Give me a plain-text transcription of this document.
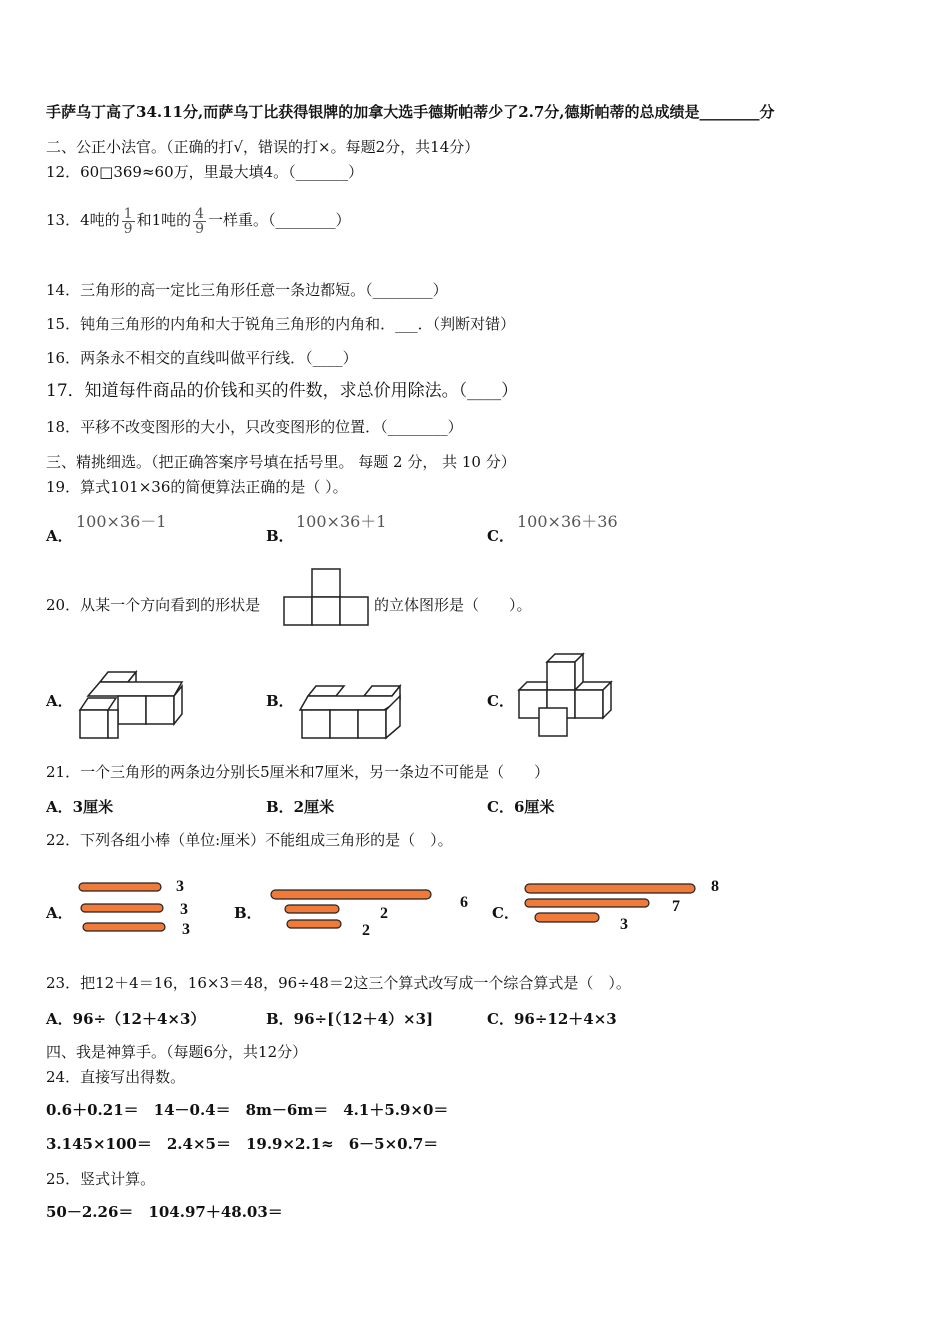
手萨乌丁高了34.11分,而萨乌丁比获得银牌的加拿大选手德斯帕蒂少了2.7分,德斯帕蒂的总成绩是________分
二、公正小法官。（正确的打√，错误的打×。每题2分，共14分）
12．60□369≈60万，里最大填4。（_______）
13．4吨的 $\frac{1}{9}$ 和1吨的 $\frac{4}{9}$ 一样重。（________）
14．三角形的高一定比三角形任意一条边都短。（________）
15．钝角三角形的内角和大于锐角三角形的内角和．___．（判断对错）
16．两条永不相交的直线叫做平行线．（____）
17．知道每件商品的价钱和买的件数，求总价用除法。（____）
18．平移不改变图形的大小，只改变图形的位置．（________）
三、精挑细选。（把正确答案序号填在括号里。 每题 2 分， 共 10 分）
19．算式101×36的简便算法正确的是（ ）。
A．
100×36－1
B．
100×36＋1
C．
100×36＋36
20．从某一个方向看到的形状是	的立体图形是（　　）。
A．	B．	C．
21．一个三角形的两条边分别长5厘米和7厘米，另一条边不可能是（　　）
A．3厘米	B．2厘米	C．6厘米
22．下列各组小棒（单位:厘米）不能组成三角形的是（　）。
A．
3
3
3
B．
6
2
2
C．
8
7
3
23．把12＋4＝16，16×3＝48，96÷48＝2这三个算式改写成一个综合算式是（　）。
A．96÷（12＋4×3）	B．96÷[（12＋4）×3]	C．96÷12＋4×3
四、我是神算手。（每题6分，共12分）
24．直接写出得数。
0.6＋0.21＝　14－0.4＝　8m－6m＝　4.1＋5.9×0＝
3.145×100＝　2.4×5＝　19.9×2.1≈　6－5×0.7＝
25．竖式计算。
50－2.26＝　104.97＋48.03＝
